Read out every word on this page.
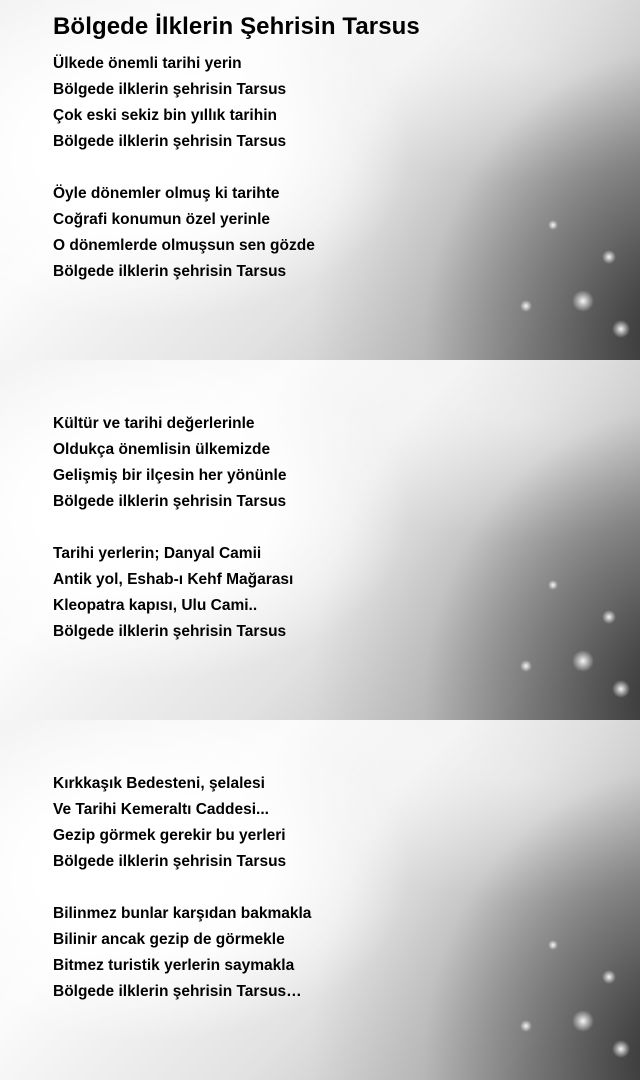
Bölgede İlklerin Şehrisin Tarsus
Ülkede önemli tarihi yerin
Bölgede ilklerin şehrisin Tarsus
Çok eski sekiz bin yıllık tarihin
Bölgede ilklerin şehrisin Tarsus
Öyle dönemler olmuş ki tarihte
Coğrafi konumun özel yerinle
O dönemlerde olmuşsun sen gözde
Bölgede ilklerin şehrisin Tarsus
Kültür ve tarihi değerlerinle
Oldukça önemlisin ülkemizde
Gelişmiş bir ilçesin her yönünle
Bölgede ilklerin şehrisin Tarsus
Tarihi yerlerin; Danyal Camii
Antik yol, Eshab-ı Kehf Mağarası
Kleopatra kapısı, Ulu Cami..
Bölgede ilklerin şehrisin Tarsus
Kırkkaşık Bedesteni, şelalesi
Ve Tarihi Kemeraltı Caddesi...
Gezip görmek gerekir bu yerleri
Bölgede ilklerin şehrisin Tarsus
Bilinmez bunlar karşıdan bakmakla
Bilinir ancak gezip de görmekle
Bitmez turistik yerlerin saymakla
Bölgede ilklerin şehrisin Tarsus…
